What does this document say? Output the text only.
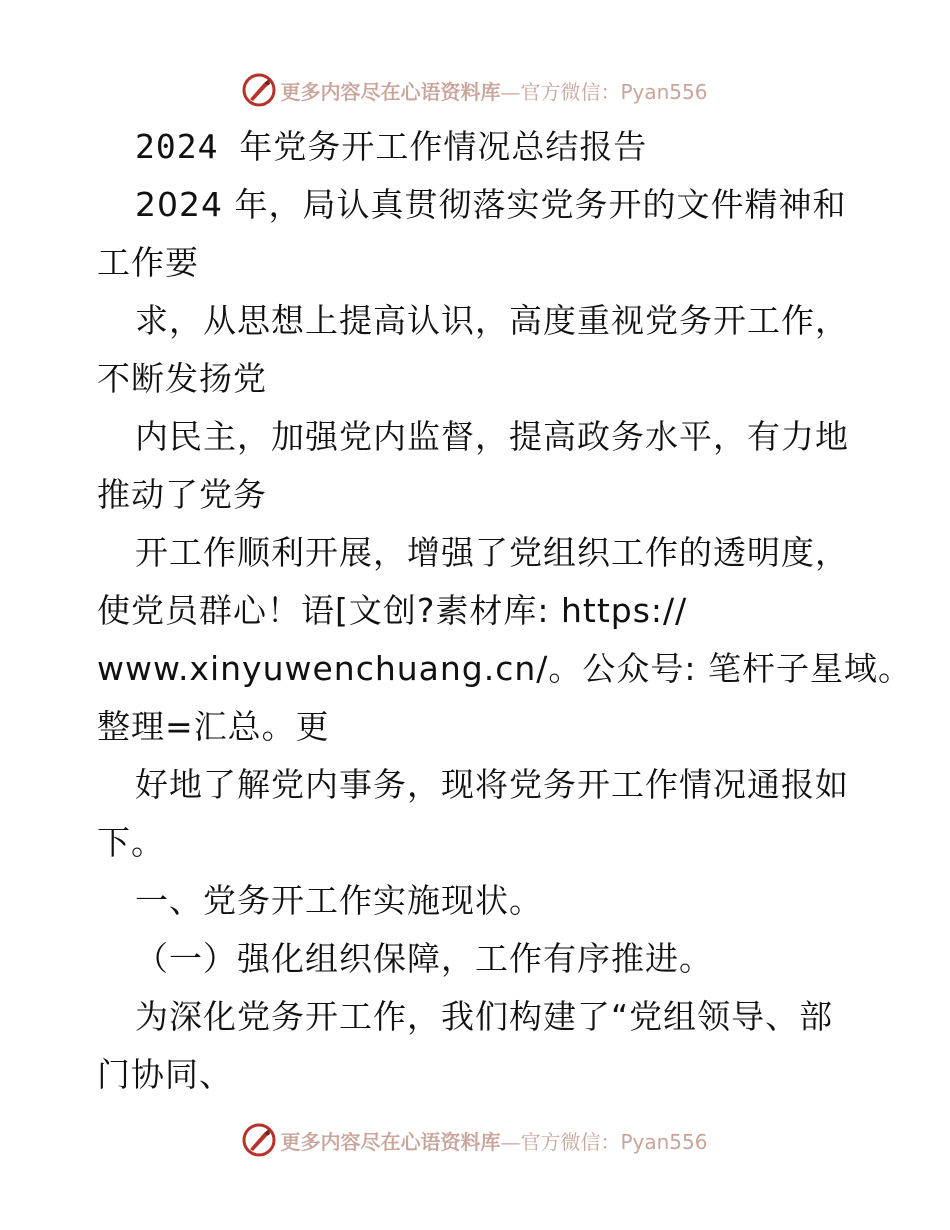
更多内容尽在心语资料库—官方微信：Pyan556
2024 年党务开工作情况总结报告
2024 年，局认真贯彻落实党务开的文件精神和
工作要
求，从思想上提高认识，高度重视党务开工作，
不断发扬党
内民主，加强党内监督，提高政务水平，有力地
推动了党务
开工作顺利开展，增强了党组织工作的透明度，
使党员群心！语[文创?素材库: https://
www.xinyuwenchuang.cn/。公众号: 笔杆子星域。
整理=汇总。更
好地了解党内事务，现将党务开工作情况通报如
下。
一、党务开工作实施现状。
（一）强化组织保障，工作有序推进。
为深化党务开工作，我们构建了“党组领导、部
门协同、
更多内容尽在心语资料库—官方微信：Pyan556
